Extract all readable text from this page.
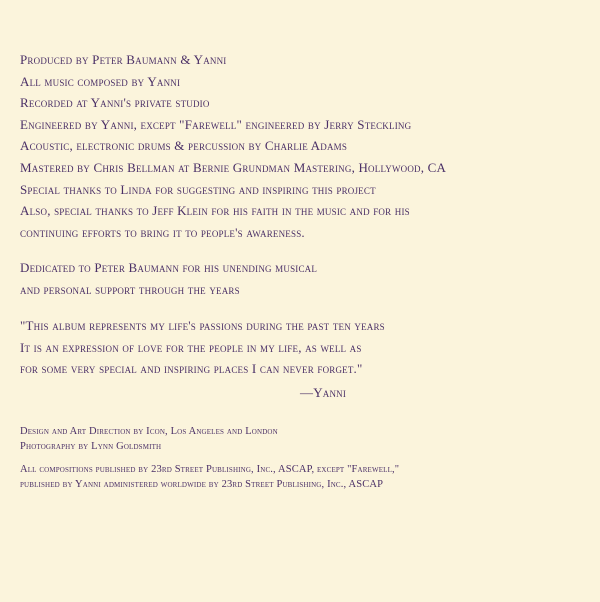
Produced by Peter Baumann & Yanni
All music composed by Yanni
Recorded at Yanni's private studio
Engineered by Yanni, except "Farewell" engineered by Jerry Steckling
Acoustic, electronic drums & percussion by Charlie Adams
Mastered by Chris Bellman at Bernie Grundman Mastering, Hollywood, CA
Special thanks to Linda for suggesting and inspiring this project
Also, special thanks to Jeff Klein for his faith in the music and for his
continuing efforts to bring it to people's awareness.
Dedicated to Peter Baumann for his unending musical
and personal support through the years
"This album represents my life's passions during the past ten years
It is an expression of love for the people in my life, as well as
for some very special and inspiring places I can never forget."
—Yanni
Design and Art Direction by Icon, Los Angeles and London
Photography by Lynn Goldsmith
All compositions published by 23rd Street Publishing, Inc., ASCAP, except "Farewell,"
published by Yanni administered worldwide by 23rd Street Publishing, Inc., ASCAP
